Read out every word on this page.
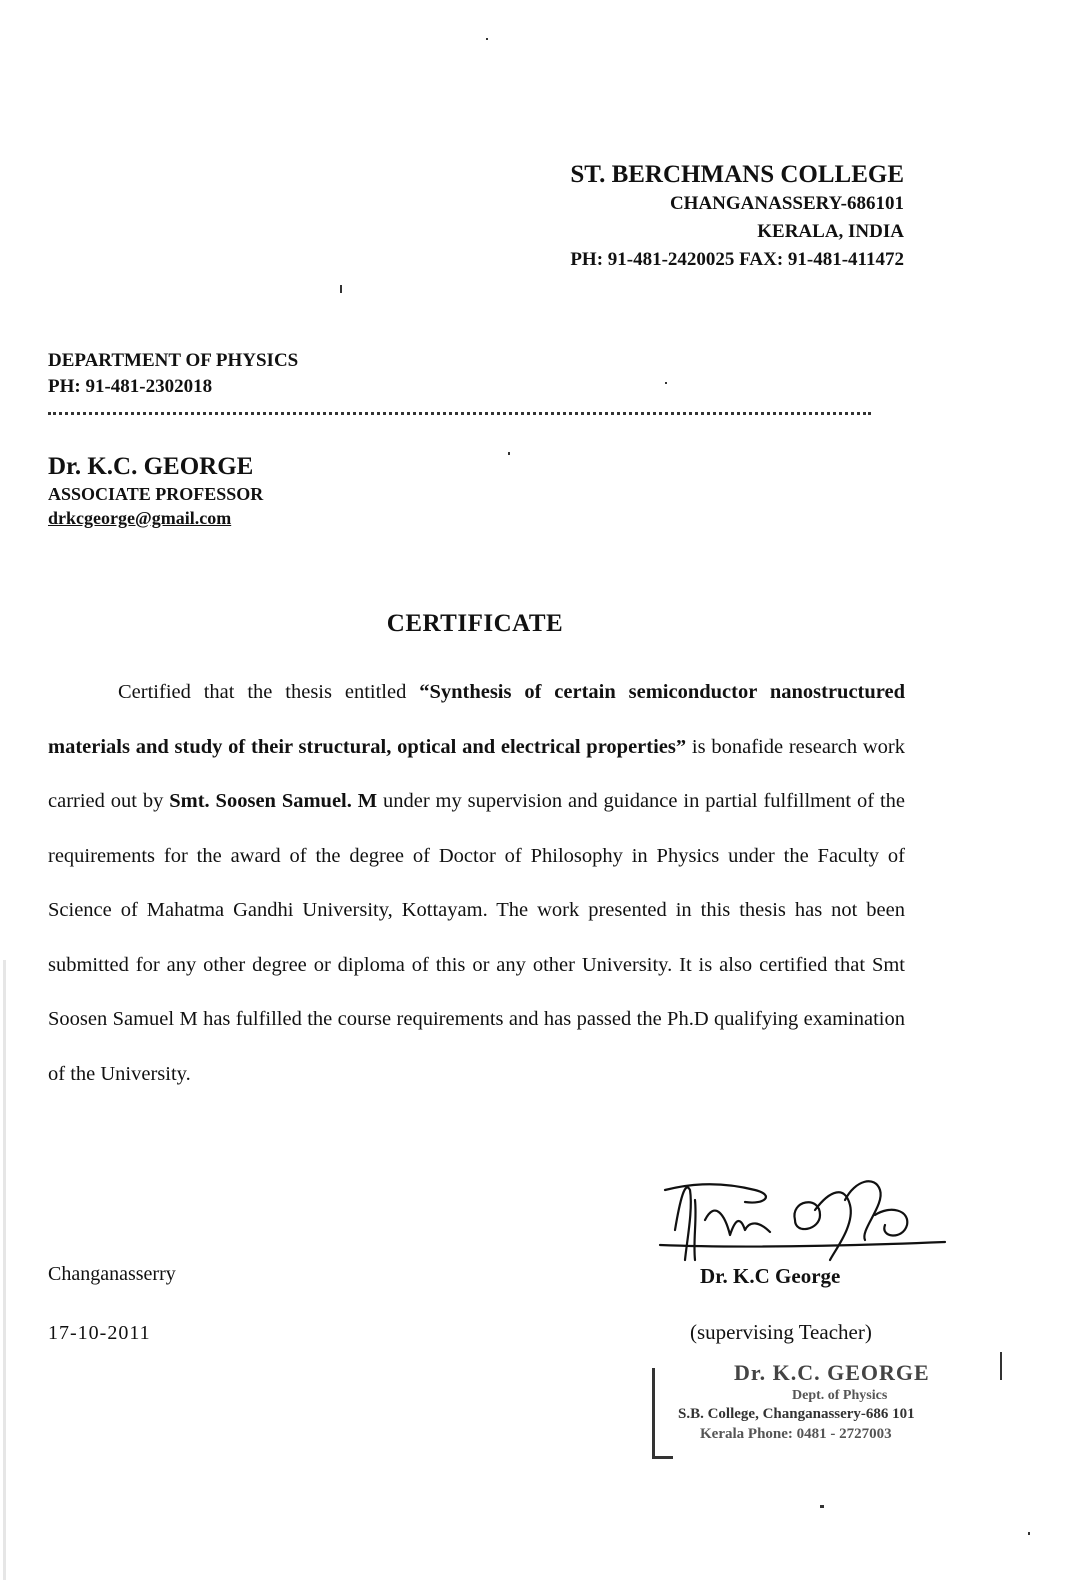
ST. BERCHMANS COLLEGE
CHANGANASSERY-686101
KERALA, INDIA
PH: 91-481-2420025 FAX: 91-481-411472
DEPARTMENT OF PHYSICS
PH: 91-481-2302018
Dr. K.C. GEORGE
ASSOCIATE PROFESSOR
drkcgeorge@gmail.com
CERTIFICATE

Certified that the thesis entitled “Synthesis of certain semiconductor nanostructured materials and study of their structural, optical and electrical properties” is bonafide research work carried out by Smt. Soosen Samuel. M under my supervision and guidance in partial fulfillment of the requirements for the award of the degree of Doctor of Philosophy in Physics under the Faculty of Science of Mahatma Gandhi University, Kottayam. The work presented in this thesis has not been submitted for any other degree or diploma of this or any other University. It is also certified that Smt Soosen Samuel M has fulfilled the course requirements and has passed the Ph.D qualifying examination of the University.

Changanasserry
17-10-2011
Dr. K.C George
(supervising Teacher)
Dr. K.C. GEORGE
Dept. of Physics
S.B. College, Changanassery-686 101
Kerala Phone: 0481 - 2727003
